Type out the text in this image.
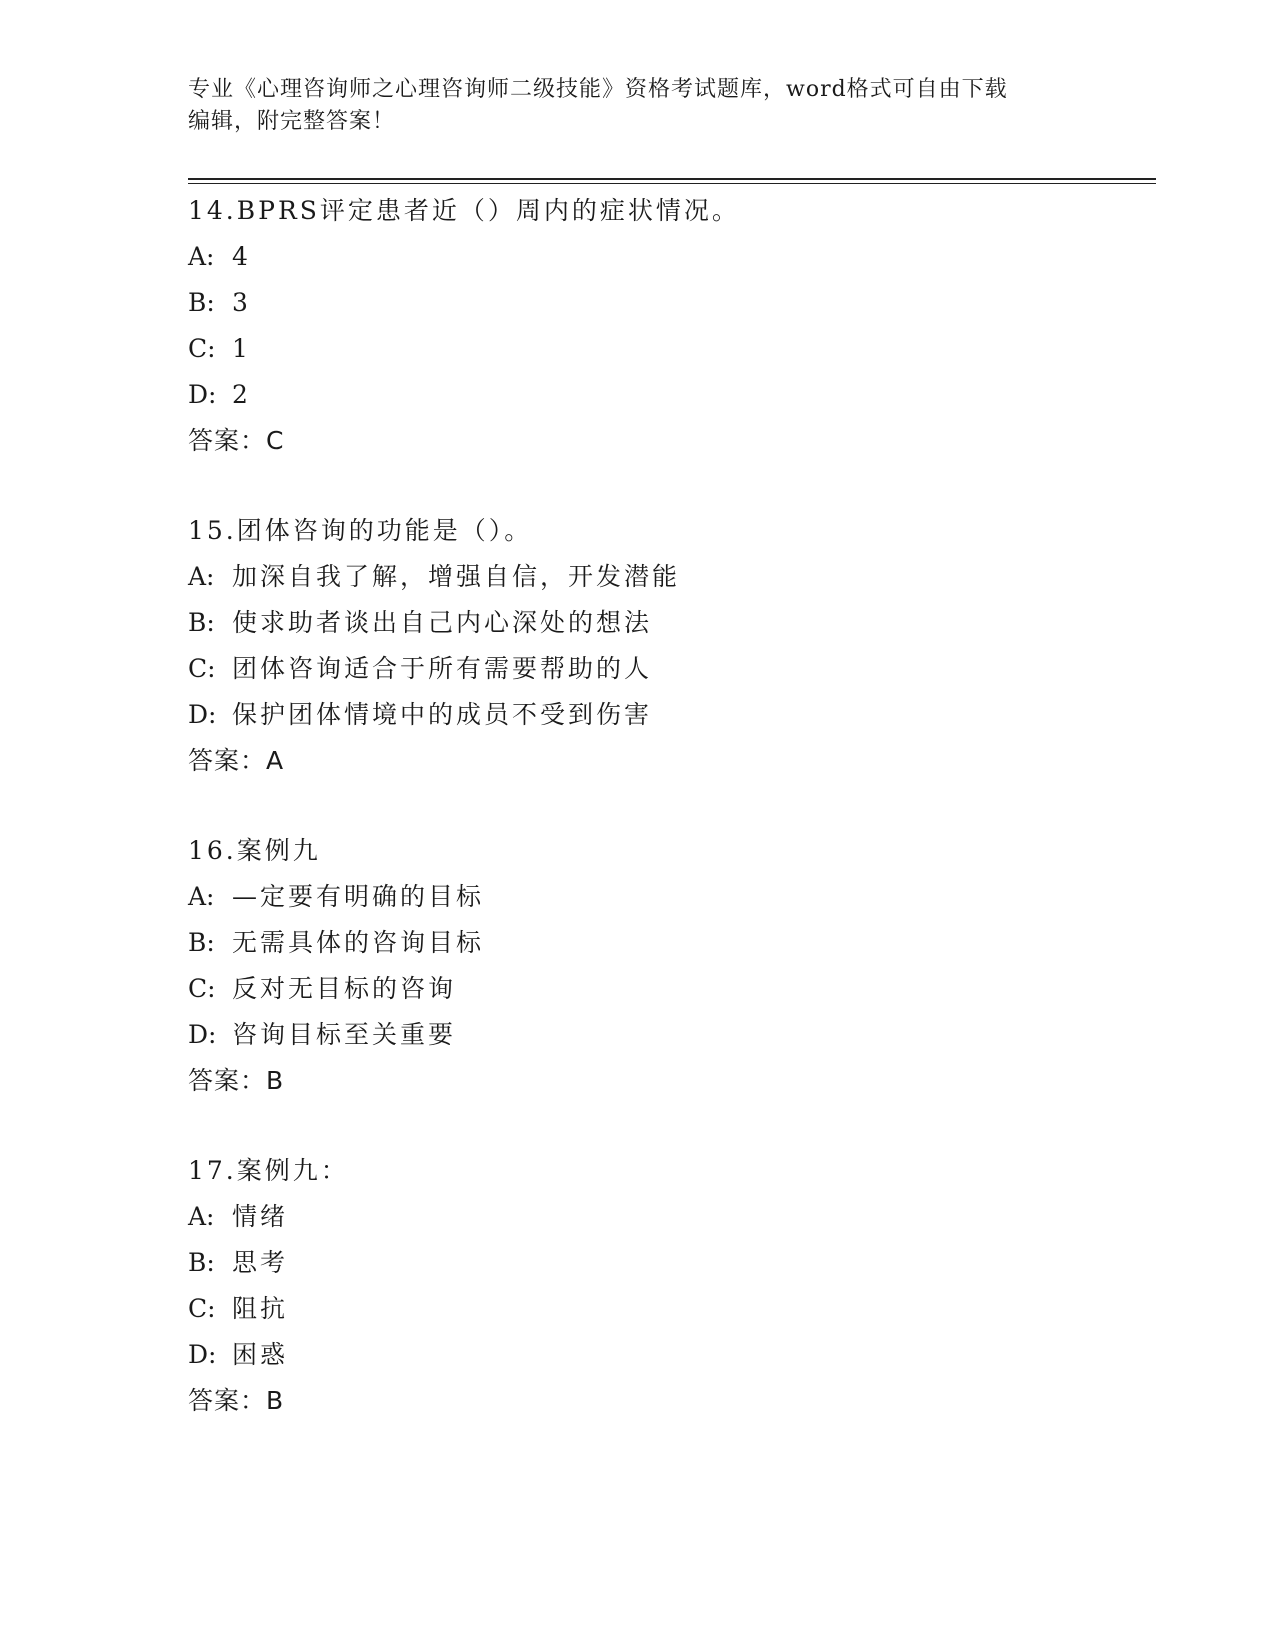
专业《心理咨询师之心理咨询师二级技能》资格考试题库，word格式可自由下载
编辑，附完整答案！
14.BPRS评定患者近（）周内的症状情况。
A: 4
B: 3
C: 1
D: 2
答案：C
15.团体咨询的功能是（）。
A: 加深自我了解，增强自信，开发潜能
B: 使求助者谈出自己内心深处的想法
C: 团体咨询适合于所有需要帮助的人
D: 保护团体情境中的成员不受到伤害
答案：A
16.案例九
A: —定要有明确的目标
B: 无需具体的咨询目标
C: 反对无目标的咨询
D: 咨询目标至关重要
答案：B
17.案例九：
A: 情绪
B: 思考
C: 阻抗
D: 困惑
答案：B
